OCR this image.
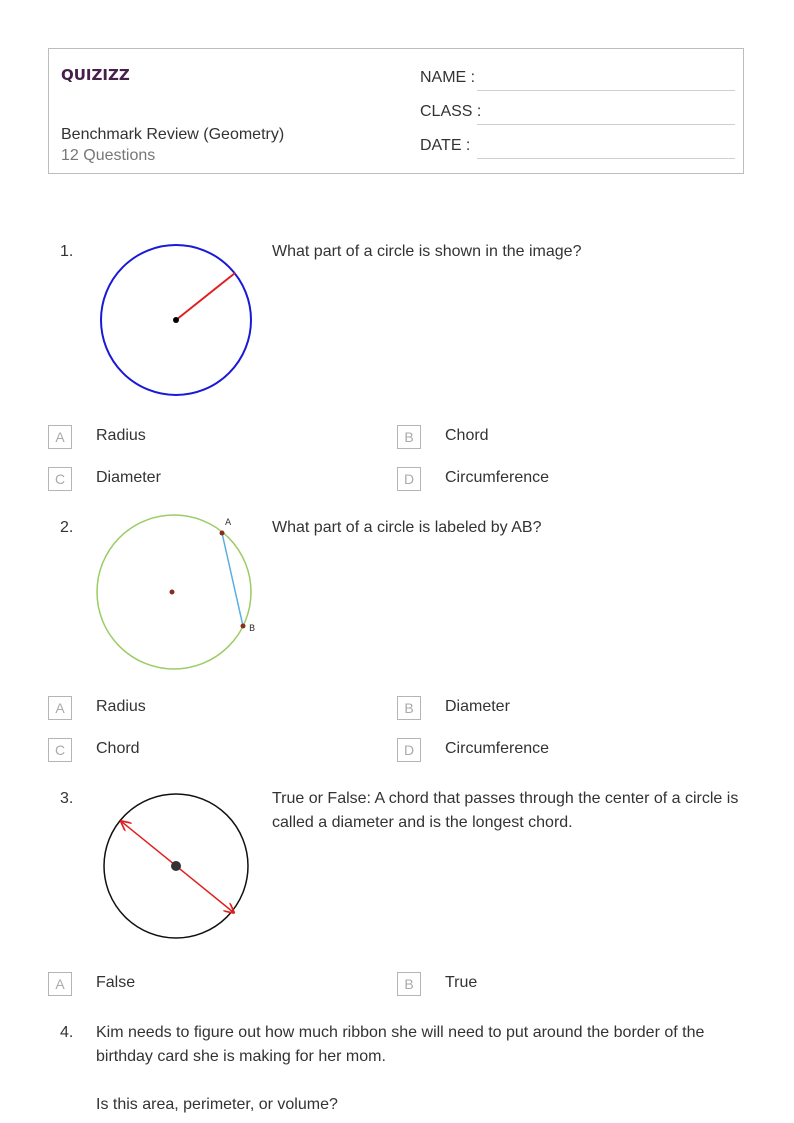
QUIZIZZ
Benchmark Review (Geometry)
12 Questions
NAME :
CLASS :
DATE :
1.	What part of a circle is shown in the image?
A	Radius	B	Chord
C	Diameter	D	Circumference
2.	A
B
What part of a circle is labeled by AB?
A	Radius	B	Diameter
C	Chord	D	Circumference
3.	True or False: A chord that passes through the center of a circle is called a diameter and is the longest chord.
A	False	B	True
4. Kim needs to figure out how much ribbon she will need to put around the border of the birthday card she is making for her mom.
Is this area, perimeter, or volume?
